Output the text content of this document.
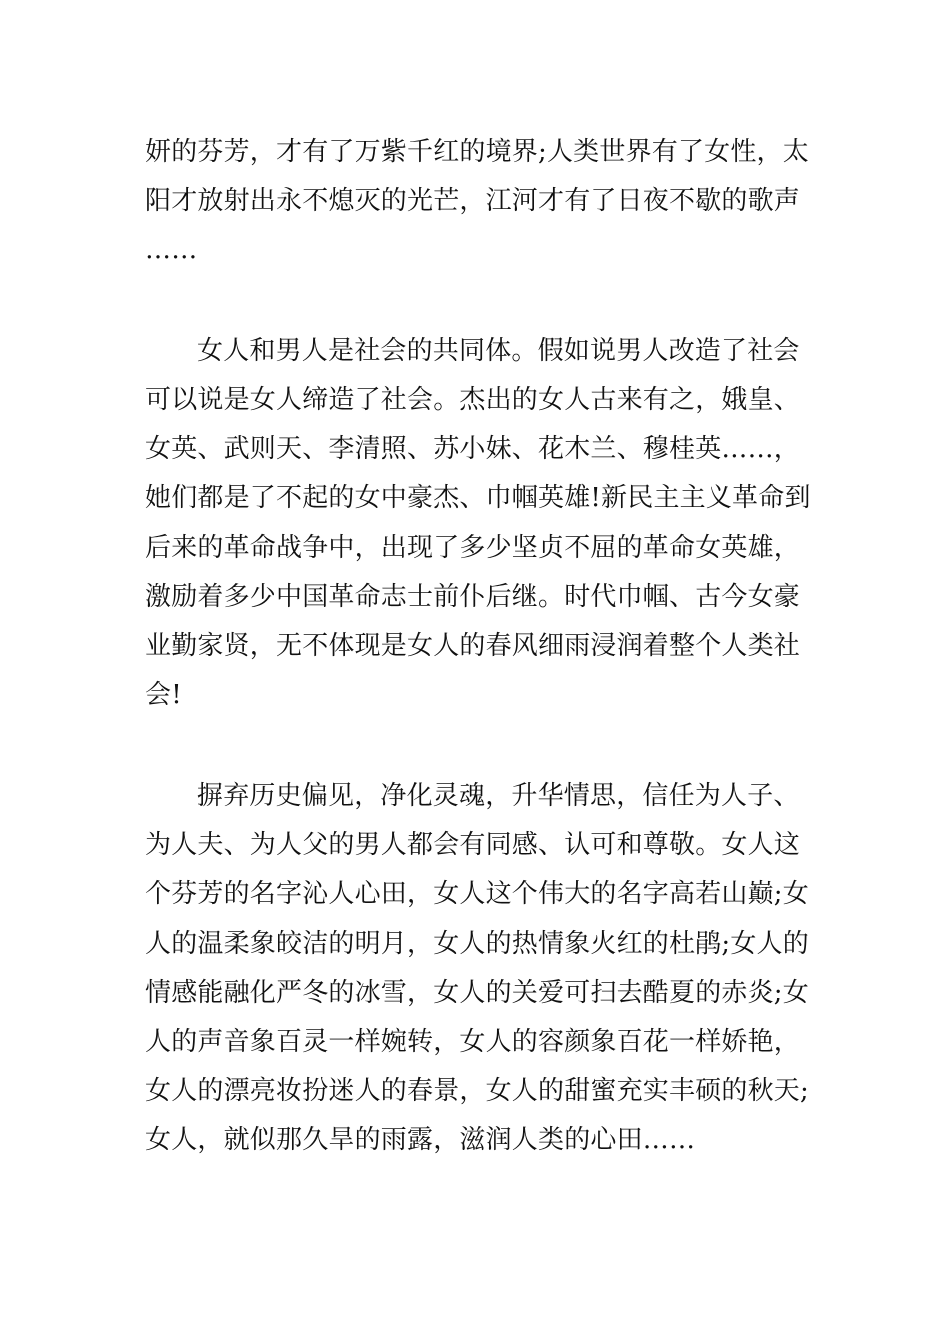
妍的芬芳，才有了万紫千红的境界;人类世界有了女性，太
阳才放射出永不熄灭的光芒，江河才有了日夜不歇的歌声
……
女人和男人是社会的共同体。假如说男人改造了社会
可以说是女人缔造了社会。杰出的女人古来有之，娥皇、
女英、武则天、李清照、苏小妹、花木兰、穆桂英……，
她们都是了不起的女中豪杰、巾帼英雄!新民主主义革命到
后来的革命战争中，出现了多少坚贞不屈的革命女英雄，
激励着多少中国革命志士前仆后继。时代巾帼、古今女豪
业勤家贤，无不体现是女人的春风细雨浸润着整个人类社
会!
摒弃历史偏见，净化灵魂，升华情思，信任为人子、
为人夫、为人父的男人都会有同感、认可和尊敬。女人这
个芬芳的名字沁人心田，女人这个伟大的名字高若山巅;女
人的温柔象皎洁的明月，女人的热情象火红的杜鹃;女人的
情感能融化严冬的冰雪，女人的关爱可扫去酷夏的赤炎;女
人的声音象百灵一样婉转，女人的容颜象百花一样娇艳，
女人的漂亮妆扮迷人的春景，女人的甜蜜充实丰硕的秋天;
女人，就似那久旱的雨露，滋润人类的心田……
